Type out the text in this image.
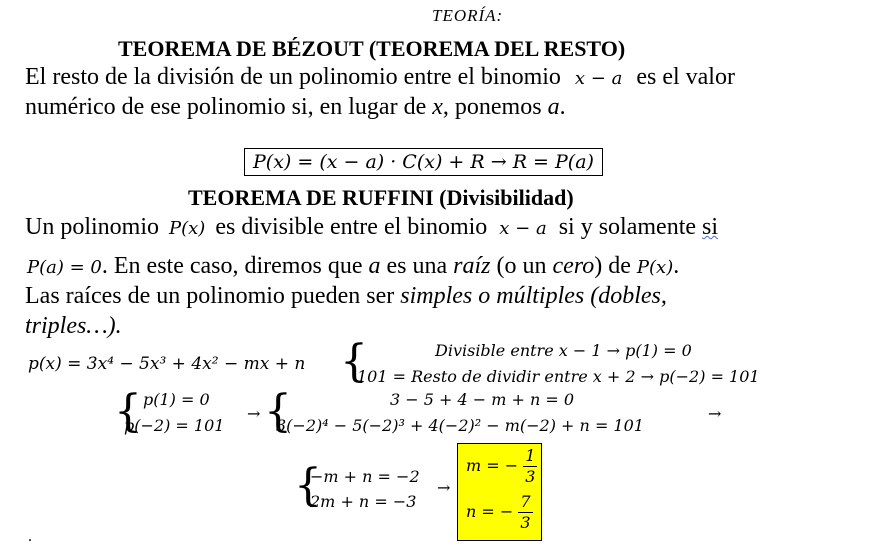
TEORÍA:
TEOREMA DE BÉZOUT (TEOREMA DEL RESTO)
El resto de la división de un polinomio entre el binomio x − a es el valor
numérico de ese polinomio si, en lugar de x, ponemos a.
P(x) = (x − a) · C(x) + R → R = P(a)
TEOREMA DE RUFFINI (Divisibilidad)
Un polinomio P(x) es divisible entre el binomio x − a si y solamente si
P(a) = 0. En este caso, diremos que a es una raíz (o un cero) de P(x).
Las raíces de un polinomio pueden ser simples o múltiples (dobles,
triples…).
p(x) = 3x⁴ − 5x³ + 4x² − mx + n {	Divisible entre x − 1 → p(1) = 0
101 = Resto de dividir entre x + 2 → p(−2) = 101
{ p(1) = 0
p(−2) = 101
→ {	3 − 5 + 4 − m + n = 0
3(−2)⁴ − 5(−2)³ + 4(−2)² − m(−2) + n = 101
→
{
−m + n = −2
2m + n = −3
→
m = − $\frac{1}{3}$
n = − $\frac{7}{3}$
.
